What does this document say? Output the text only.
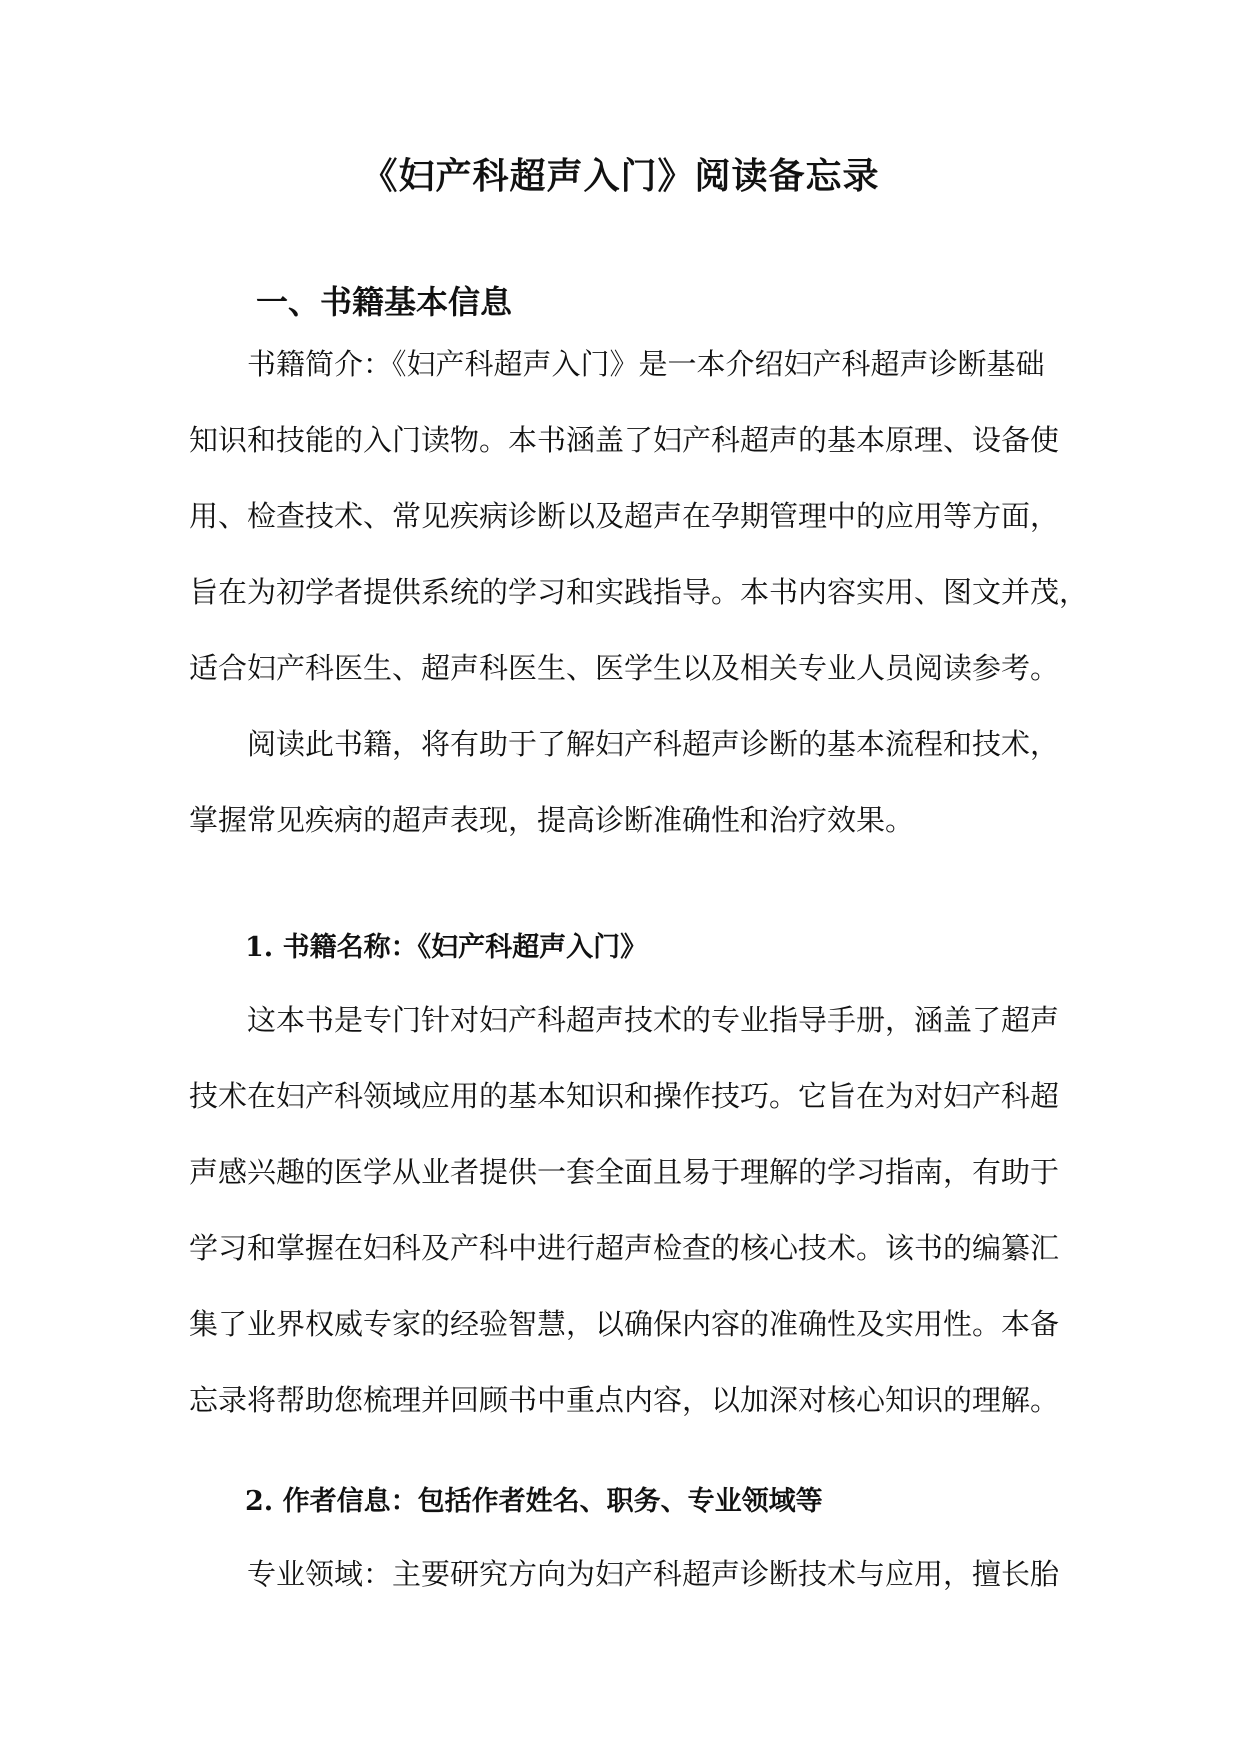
《妇产科超声入门》阅读备忘录
一、书籍基本信息
书籍简介：《妇产科超声入门》是一本介绍妇产科超声诊断基础
知识和技能的入门读物。本书涵盖了妇产科超声的基本原理、设备使
用、检查技术、常见疾病诊断以及超声在孕期管理中的应用等方面，
旨在为初学者提供系统的学习和实践指导。本书内容实用、图文并茂，
适合妇产科医生、超声科医生、医学生以及相关专业人员阅读参考。
阅读此书籍，将有助于了解妇产科超声诊断的基本流程和技术，
掌握常见疾病的超声表现，提高诊断准确性和治疗效果。
1. 书籍名称：《妇产科超声入门》
这本书是专门针对妇产科超声技术的专业指导手册，涵盖了超声
技术在妇产科领域应用的基本知识和操作技巧。它旨在为对妇产科超
声感兴趣的医学从业者提供一套全面且易于理解的学习指南，有助于
学习和掌握在妇科及产科中进行超声检查的核心技术。该书的编纂汇
集了业界权威专家的经验智慧，以确保内容的准确性及实用性。本备
忘录将帮助您梳理并回顾书中重点内容，以加深对核心知识的理解。
2. 作者信息：包括作者姓名、职务、专业领域等
专业领域：主要研究方向为妇产科超声诊断技术与应用，擅长胎
